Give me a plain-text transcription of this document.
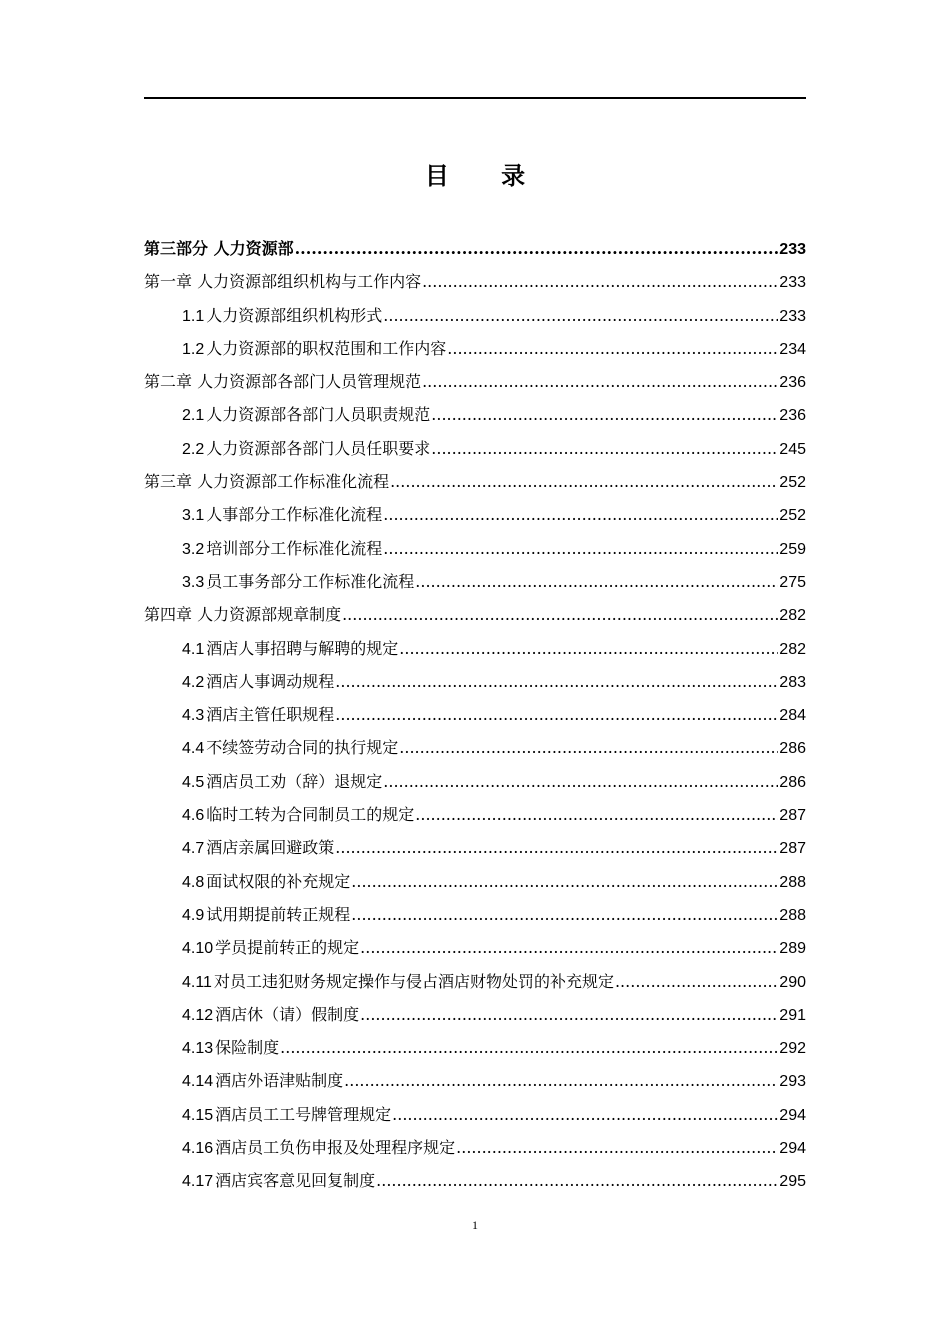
目 录
第三部分 人力资源部 .....	233
第一章 人力资源部组织机构与工作内容 .....	233
1.1 人力资源部组织机构形式 .....	233
1.2 人力资源部的职权范围和工作内容 .....	234
第二章 人力资源部各部门人员管理规范 .....	236
2.1 人力资源部各部门人员职责规范 .....	236
2.2 人力资源部各部门人员任职要求 .....	245
第三章 人力资源部工作标准化流程 .....	252
3.1 人事部分工作标准化流程 .....	252
3.2 培训部分工作标准化流程 .....	259
3.3 员工事务部分工作标准化流程 .....	275
第四章 人力资源部规章制度 .....	282
4.1 酒店人事招聘与解聘的规定 .....	282
4.2 酒店人事调动规程 .....	283
4.3 酒店主管任职规程 .....	284
4.4 不续签劳动合同的执行规定 .....	286
4.5 酒店员工劝（辞）退规定 .....	286
4.6 临时工转为合同制员工的规定 .....	287
4.7 酒店亲属回避政策 .....	287
4.8 面试权限的补充规定 .....	288
4.9 试用期提前转正规程 .....	288
4.10 学员提前转正的规定 .....	289
4.11 对员工违犯财务规定操作与侵占酒店财物处罚的补充规定 .....	290
4.12 酒店休（请）假制度 .....	291
4.13 保险制度 .....	292
4.14 酒店外语津贴制度 .....	293
4.15 酒店员工工号牌管理规定 .....	294
4.16 酒店员工负伤申报及处理程序规定 .....	294
4.17 酒店宾客意见回复制度 .....	295
1
